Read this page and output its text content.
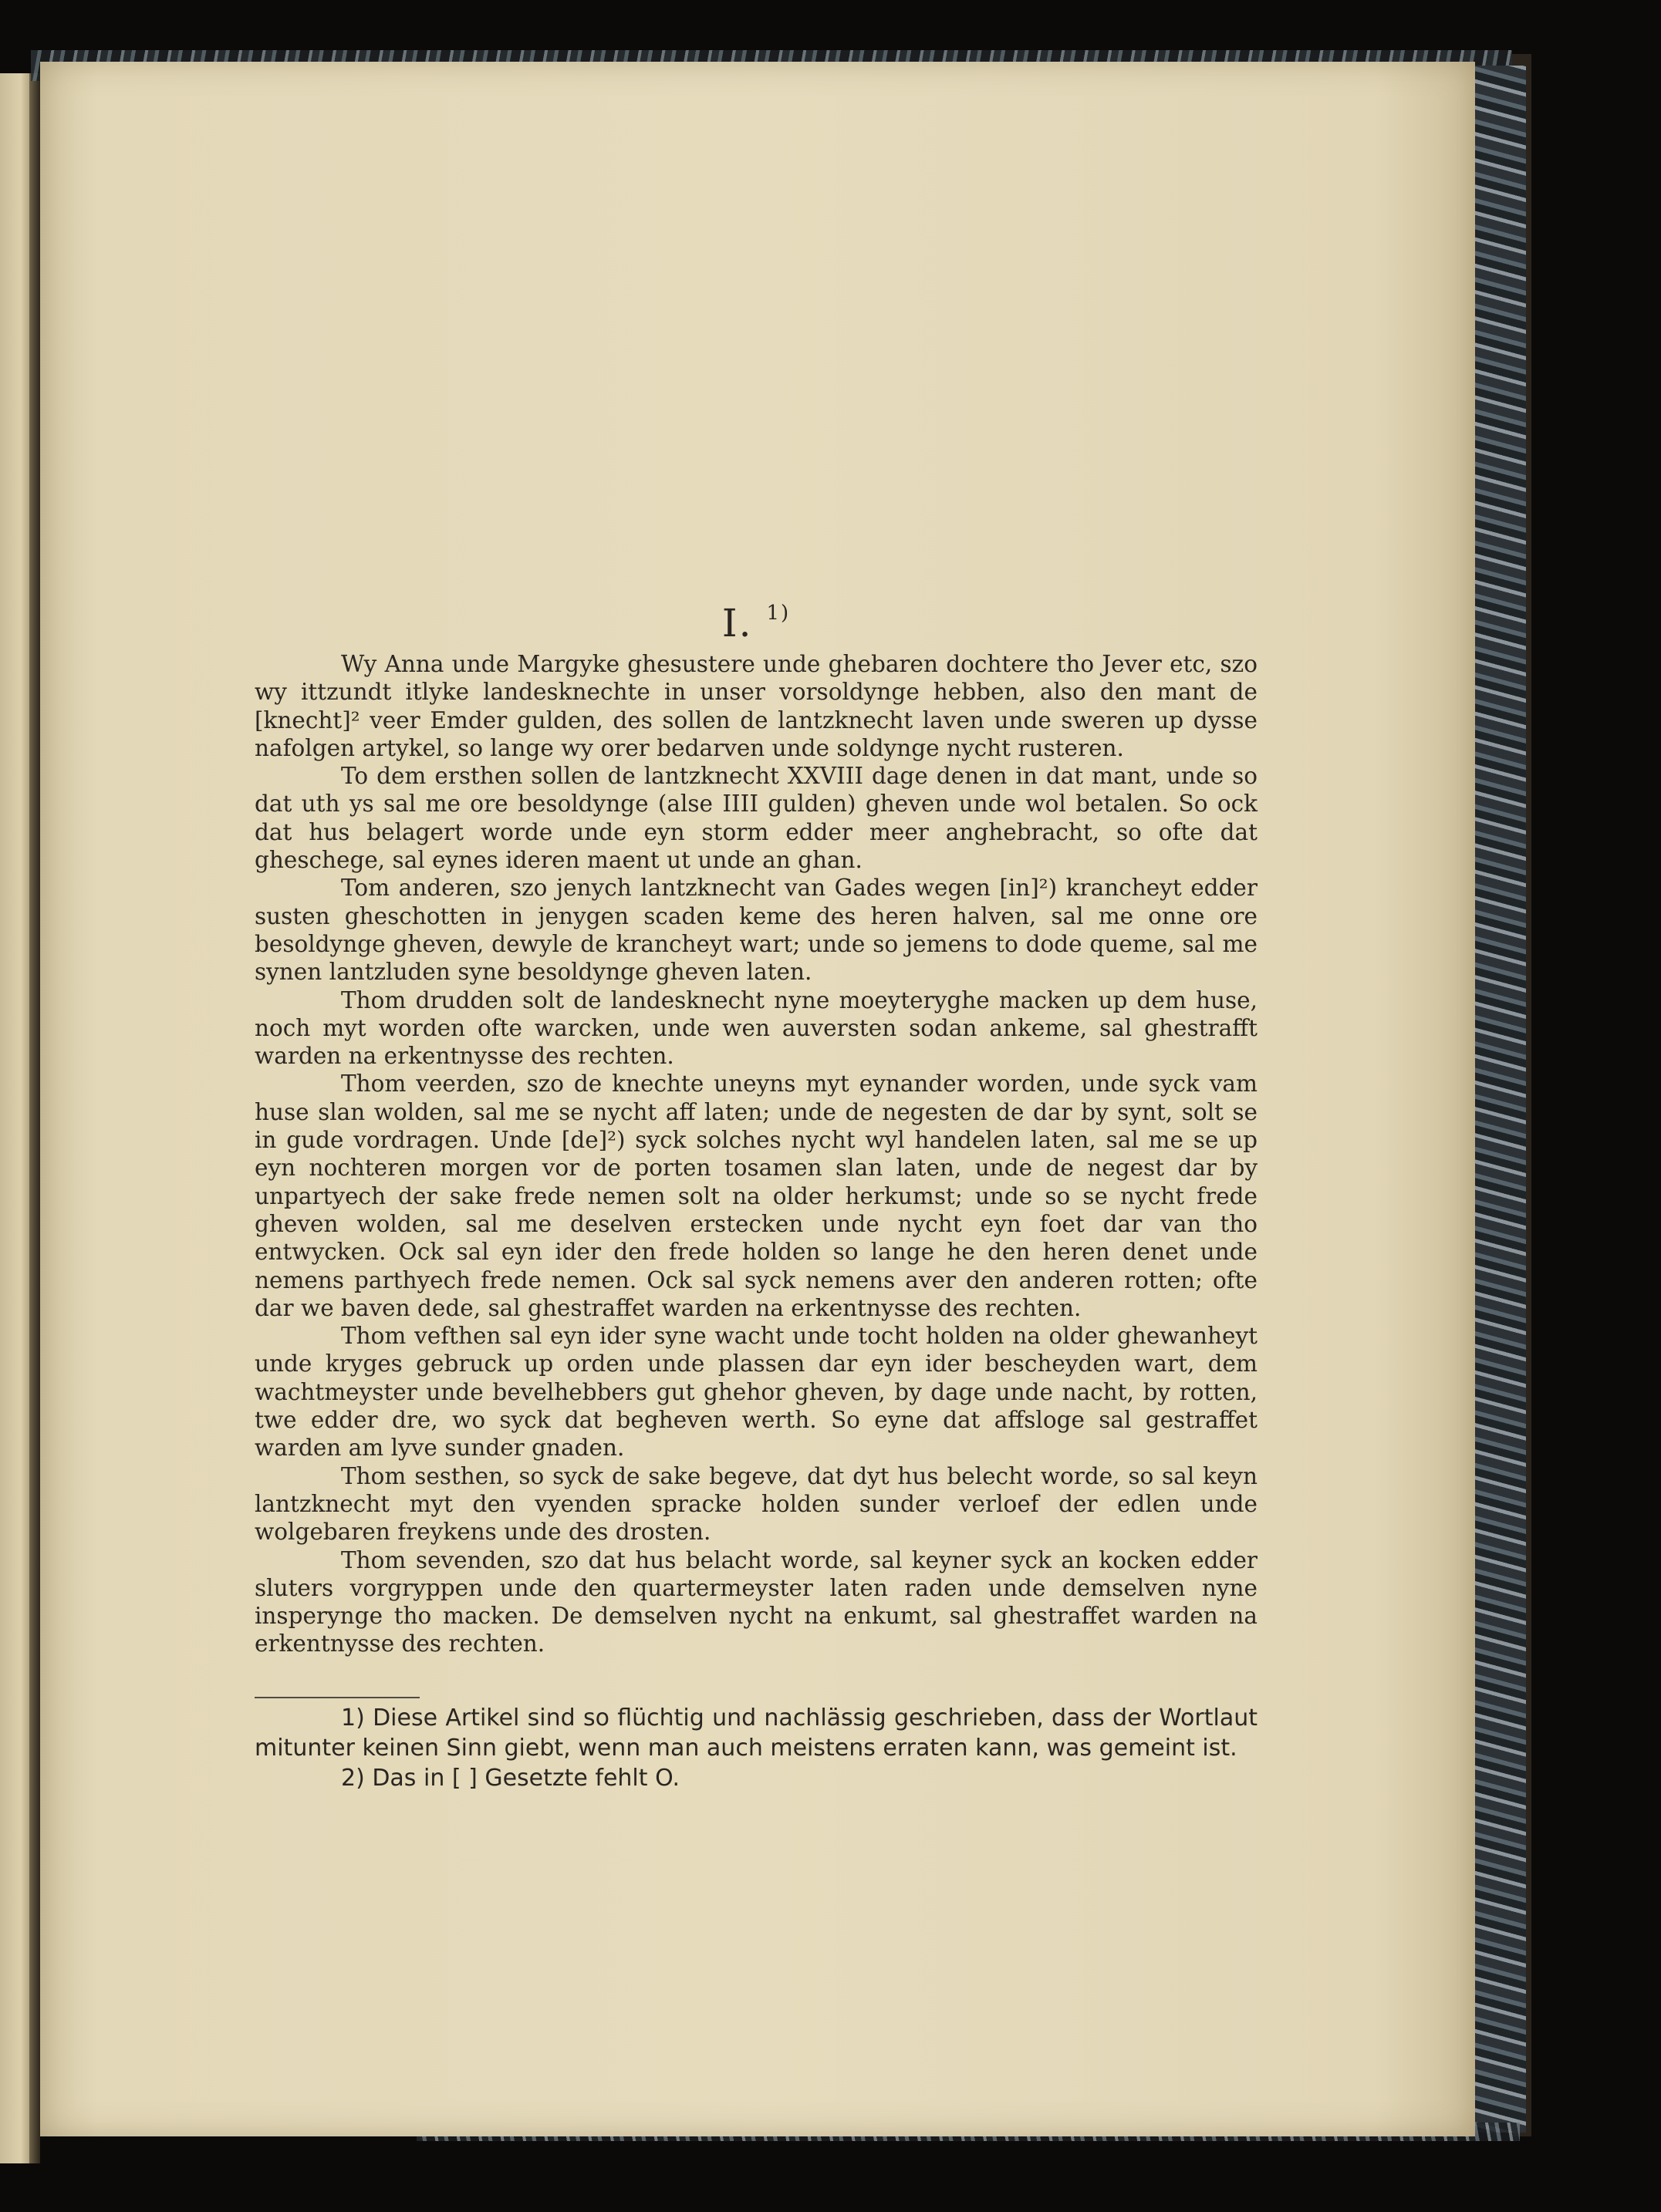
I. $^{1)}$

Wy Anna unde Margyke ghesustere unde ghebaren dochtere tho Jever etc, szo wy ittzundt itlyke landesknechte in unser vorsoldynge hebben, also den mant de [knecht]² veer Emder gulden, des sollen de lantzknecht laven unde sweren up dysse nafolgen artykel, so lange wy orer bedarven unde soldynge nycht rusteren.

To dem ersthen sollen de lantzknecht XXVIII dage denen in dat mant, unde so dat uth ys sal me ore besoldynge (alse IIII gulden) gheven unde wol betalen. So ock dat hus belagert worde unde eyn storm edder meer anghebracht, so ofte dat gheschege, sal eynes ideren maent ut unde an ghan.

Tom anderen, szo jenych lantzknecht van Gades wegen [in]²) krancheyt edder susten gheschotten in jenygen scaden keme des heren halven, sal me onne ore besoldynge gheven, dewyle de krancheyt wart; unde so jemens to dode queme, sal me synen lantzluden syne besoldynge gheven laten.

Thom drudden solt de landesknecht nyne moeyteryghe macken up dem huse, noch myt worden ofte warcken, unde wen auversten sodan ankeme, sal ghestrafft warden na erkentnysse des rechten.

Thom veerden, szo de knechte uneyns myt eynander worden, unde syck vam huse slan wolden, sal me se nycht aff laten; unde de negesten de dar by synt, solt se in gude vordragen. Unde [de]²) syck solches nycht wyl handelen laten, sal me se up eyn nochteren morgen vor de porten tosamen slan laten, unde de negest dar by unpartyech der sake frede nemen solt na older herkumst; unde so se nycht frede gheven wolden, sal me deselven erstecken unde nycht eyn foet dar van tho entwycken. Ock sal eyn ider den frede holden so lange he den heren denet unde nemens parthyech frede nemen. Ock sal syck nemens aver den anderen rotten; ofte dar we baven dede, sal ghestraffet warden na erkentnysse des rechten.

Thom vefthen sal eyn ider syne wacht unde tocht holden na older ghewanheyt unde kryges gebruck up orden unde plassen dar eyn ider bescheyden wart, dem wachtmeyster unde bevelhebbers gut ghehor gheven, by dage unde nacht, by rotten, twe edder dre, wo syck dat begheven werth. So eyne dat affsloge sal gestraffet warden am lyve sunder gnaden.

Thom sesthen, so syck de sake begeve, dat dyt hus belecht worde, so sal keyn lantzknecht myt den vyenden spracke holden sunder verloef der edlen unde wolgebaren freykens unde des drosten.

Thom sevenden, szo dat hus belacht worde, sal keyner syck an kocken edder sluters vorgryppen unde den quartermeyster laten raden unde demselven nyne insperynge tho macken. De demselven nycht na enkumt, sal ghestraffet warden na erkentnysse des rechten.

1) Diese Artikel sind so flüchtig und nachlässig geschrieben, dass der Wortlaut mitunter keinen Sinn giebt, wenn man auch meistens erraten kann, was gemeint ist.

2) Das in [ ] Gesetzte fehlt O.
